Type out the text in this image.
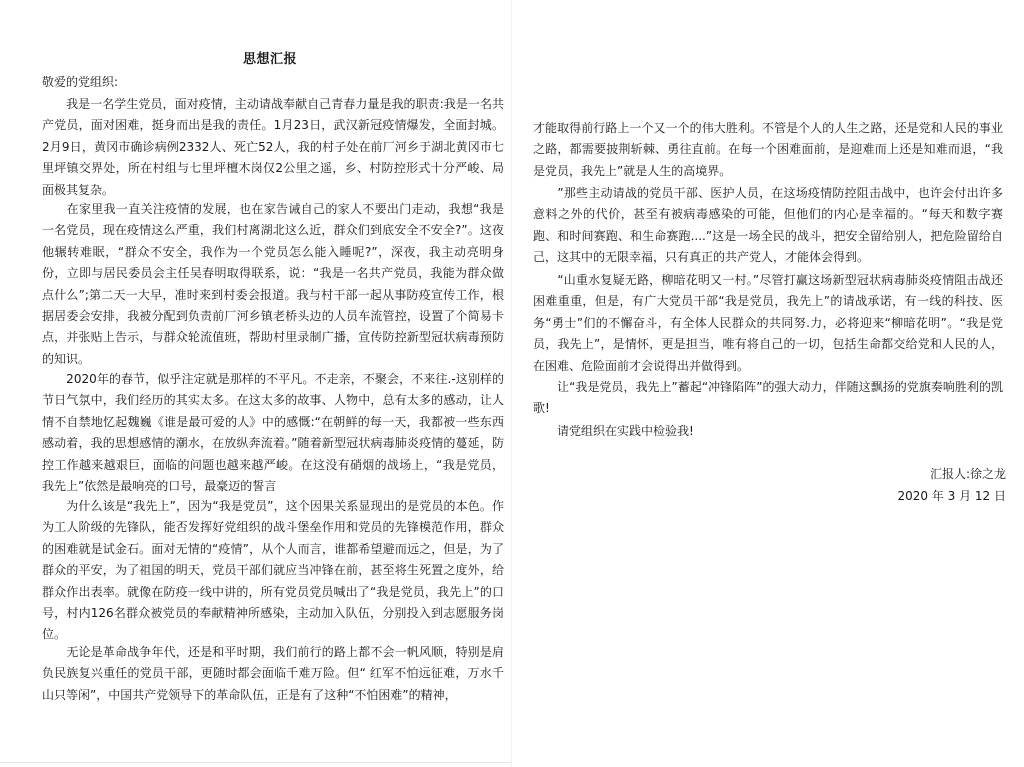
思想汇报
敬爱的党组织:

　　我是一名学生党员，面对疫情，主动请战奉献自己青春力量是我的职责:我是一名共产党员，面对困难，挺身而出是我的责任。1月23日，武汉新冠疫情爆发，全面封城。2月9日，黄冈市确诊病例2332人、死亡52人，我的村子处在前厂河乡于湖北黄冈市七里坪镇交界处，所在村组与七里坪檀木岗仅2公里之遥，乡、村防控形式十分严峻、局面极其复杂。

　　在家里我一直关注疫情的发展，也在家告诫自己的家人不要出门走动，我想“我是一名党员，现在疫情这么严重，我们村离湖北这么近，群众们到底安全不安全?”。这夜他辗转难眠，“群众不安全，我作为一个党员怎么能入睡呢?”，深夜，我主动亮明身份，立即与居民委员会主任吴春明取得联系，说：“我是一名共产党员，我能为群众做点什么”;第二天一大早，准时来到村委会报道。我与村干部一起从事防疫宣传工作，根据居委会安排，我被分配到负责前厂河乡镇老桥头边的人员车流管控，设置了个简易卡点，并张贴上告示，与群众轮流值班，帮助村里录制广播，宣传防控新型冠状病毒预防的知识。

　　2020年的春节，似乎注定就是那样的不平凡。不走亲，不聚会，不来往.-这别样的节日气氛中，我们经历的其实太多。在这太多的故事、人物中，总有太多的感动，让人情不自禁地忆起魏巍《谁是最可爱的人》中的感慨:“在朝鲜的每一天，我都被一些东西感动着，我的思想感情的潮水，在放纵奔流着。”随着新型冠状病毒肺炎疫情的蔓延，防控工作越来越艰巨，面临的问题也越来越严峻。在这没有硝烟的战场上，“我是党员，我先上”依然是最响亮的口号，最豪迈的誓言

　　为什么该是“我先上”，因为“我是党员”，这个因果关系显现出的是党员的本色。作为工人阶级的先锋队，能否发挥好党组织的战斗堡垒作用和党员的先锋模范作用，群众的困难就是试金石。面对无情的“疫情”，从个人而言，谁都希望避而远之，但是，为了群众的平安，为了祖国的明天，党员干部们就应当冲锋在前，甚至将生死置之度外，给群众作出表率。就像在防疫一线中讲的，所有党员党员喊出了“我是党员，我先上”的口号，村内126名群众被党员的奉献精神所感染，主动加入队伍，分别投入到志愿服务岗位。

　　无论是革命战争年代，还是和平时期，我们前行的路上都不会一帆风顺，特别是肩负民族复兴重任的党员干部，更随时都会面临千难万险。但“ 红军不怕远征难，万水千山只等闲”，中国共产党领导下的革命队伍，正是有了这种“不怕困难”的精神，

才能取得前行路上一个又一个的伟大胜利。不管是个人的人生之路，还是党和人民的事业之路，都需要披荆斩棘、勇往直前。在每一个困难面前，是迎难而上还是知难而退，“我是党员，我先上”就是人生的高境界。

　　”那些主动请战的党员干部、医护人员，在这场疫情防控阻击战中，也许会付出许多意料之外的代价，甚至有被病毒感染的可能，但他们的内心是幸福的。“每天和数字赛跑、和时间赛跑、和生命赛跑....”这是一场全民的战斗，把安全留给别人，把危险留给自己，这其中的无限幸福，只有真正的共产党人，才能体会得到。

　　“山重水复疑无路，柳暗花明又一村。”尽管打赢这场新型冠状病毒肺炎疫情阻击战还困难重重，但是，有广大党员干部“我是党员，我先上”的请战承诺，有一线的科技、医务“勇士”们的不懈奋斗，有全体人民群众的共同努.力，必将迎来“柳暗花明”。“我是党员，我先上”，是情怀，更是担当，唯有将自己的一切，包括生命都交给党和人民的人，在困难、危险面前才会说得出并做得到。

　　让“我是党员，我先上”蓄起“冲锋陷阵”的强大动力，伴随这飘扬的党旗奏响胜利的凯歌!

　　请党组织在实践中检验我!

汇报人:徐之龙
2020 年 3 月 12 日
